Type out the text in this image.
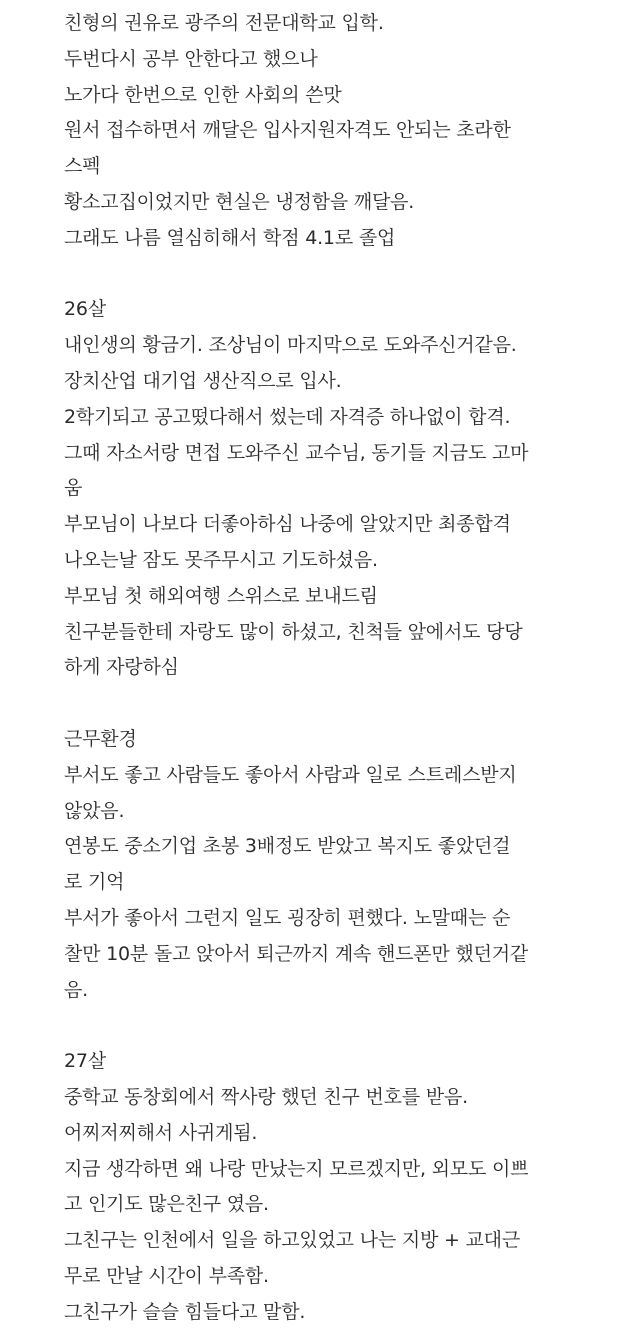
친형의 권유로 광주의 전문대학교 입학.
두번다시 공부 안한다고 했으나
노가다 한번으로 인한 사회의 쓴맛
원서 접수하면서 깨달은 입사지원자격도 안되는 초라한
스펙
황소고집이었지만 현실은 냉정함을 깨달음.
그래도 나름 열심히해서 학점 4.1로 졸업
26살
내인생의 황금기. 조상님이 마지막으로 도와주신거같음.
장치산업 대기업 생산직으로 입사.
2학기되고 공고떴다해서 썼는데 자격증 하나없이 합격.
그때 자소서랑 면접 도와주신 교수님, 동기들 지금도 고마
움
부모님이 나보다 더좋아하심 나중에 알았지만 최종합격
나오는날 잠도 못주무시고 기도하셨음.
부모님 첫 해외여행 스위스로 보내드림
친구분들한테 자랑도 많이 하셨고, 친척들 앞에서도 당당
하게 자랑하심
근무환경
부서도 좋고 사람들도 좋아서 사람과 일로 스트레스받지
않았음.
연봉도 중소기업 초봉 3배정도 받았고 복지도 좋았던걸
로 기억
부서가 좋아서 그런지 일도 굉장히 편했다. 노말때는 순
찰만 10분 돌고 앉아서 퇴근까지 계속 핸드폰만 했던거같
음.
27살
중학교 동창회에서 짝사랑 했던 친구 번호를 받음.
어찌저찌해서 사귀게됨.
지금 생각하면 왜 나랑 만났는지 모르겠지만, 외모도 이쁘
고 인기도 많은친구 였음.
그친구는 인천에서 일을 하고있었고 나는 지방 + 교대근
무로 만날 시간이 부족함.
그친구가 슬슬 힘들다고 말함.
